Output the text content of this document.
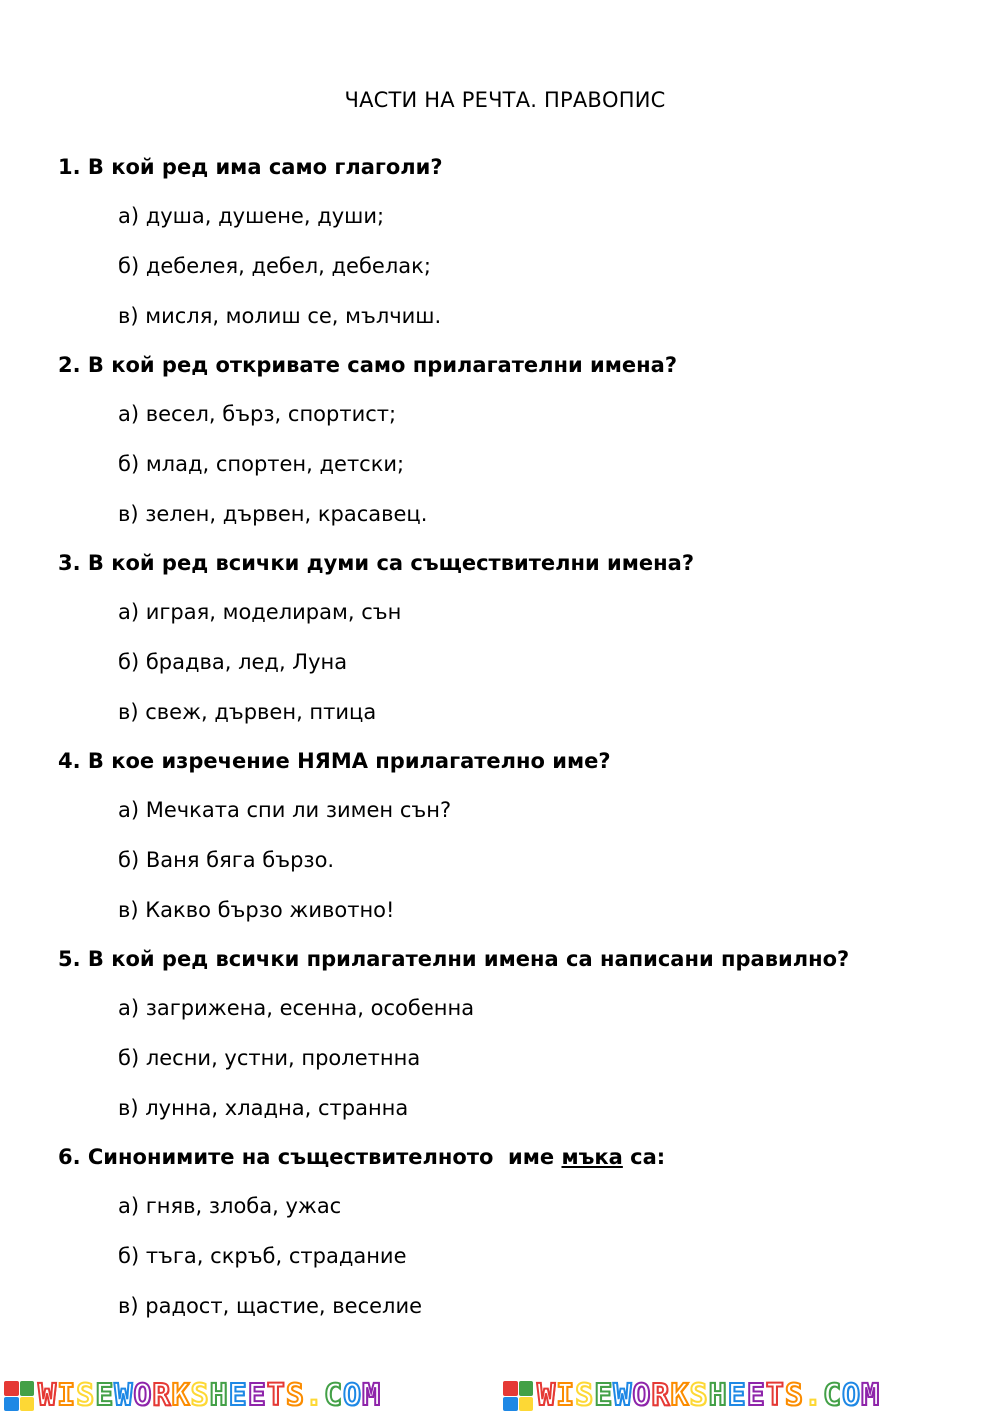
ЧАСТИ НА РЕЧТА. ПРАВОПИС
1. В кой ред има само глаголи?
а) душа, душене, души;
б) дебелея, дебел, дебелак;
в) мисля, молиш се, мълчиш.
2. В кой ред откривате само прилагателни имена?
а) весел, бърз, спортист;
б) млад, спортен, детски;
в) зелен, дървен, красавец.
3. В кой ред всички думи са съществителни имена?
а) играя, моделирам, сън
б) брадва, лед, Луна
в) свеж, дървен, птица
4. В кое изречение НЯМА прилагателно име?
а) Мечката спи ли зимен сън?
б) Ваня бяга бързо.
в) Какво бързо животно!
5. В кой ред всички прилагателни имена са написани правилно?
а) загрижена, есенна, особенна
б) лесни, устни, пролетнна
в) лунна, хладна, странна
6. Синонимите на съществителното  име мъка са:
а) гняв, злоба, ужас
б) тъга, скръб, страдание
в) радост, щастие, веселие
WISEWORKSHEETS.COM	WISEWORKSHEETS.COM
